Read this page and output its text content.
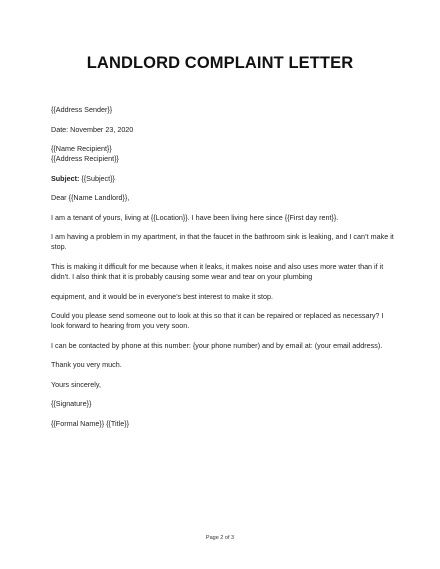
LANDLORD COMPLAINT LETTER

{{Address Sender}}

Date: November 23, 2020

{{Name Recipient}}

{{Address Recipient}}

Subject: {{Subject}}

Dear {{Name Landlord}},

I am a tenant of yours, living at {{Location}}. I have been living here since {{First day rent}}.

I am having a problem in my apartment, in that the faucet in the bathroom sink is leaking, and I can’t make it stop.

This is making it difficult for me because when it leaks, it makes noise and also uses more water than if it didn’t. I also think that it is probably causing some wear and tear on your plumbing

equipment, and it would be in everyone’s best interest to make it stop.

Could you please send someone out to look at this so that it can be repaired or replaced as necessary? I look forward to hearing from you very soon.

I can be contacted by phone at this number: {your phone number) and by email at: (your email address).

Thank you very much.

Yours sincerely,

{{Signature}}

{{Formal Name}} {{Title}}

Page 2 of 3
